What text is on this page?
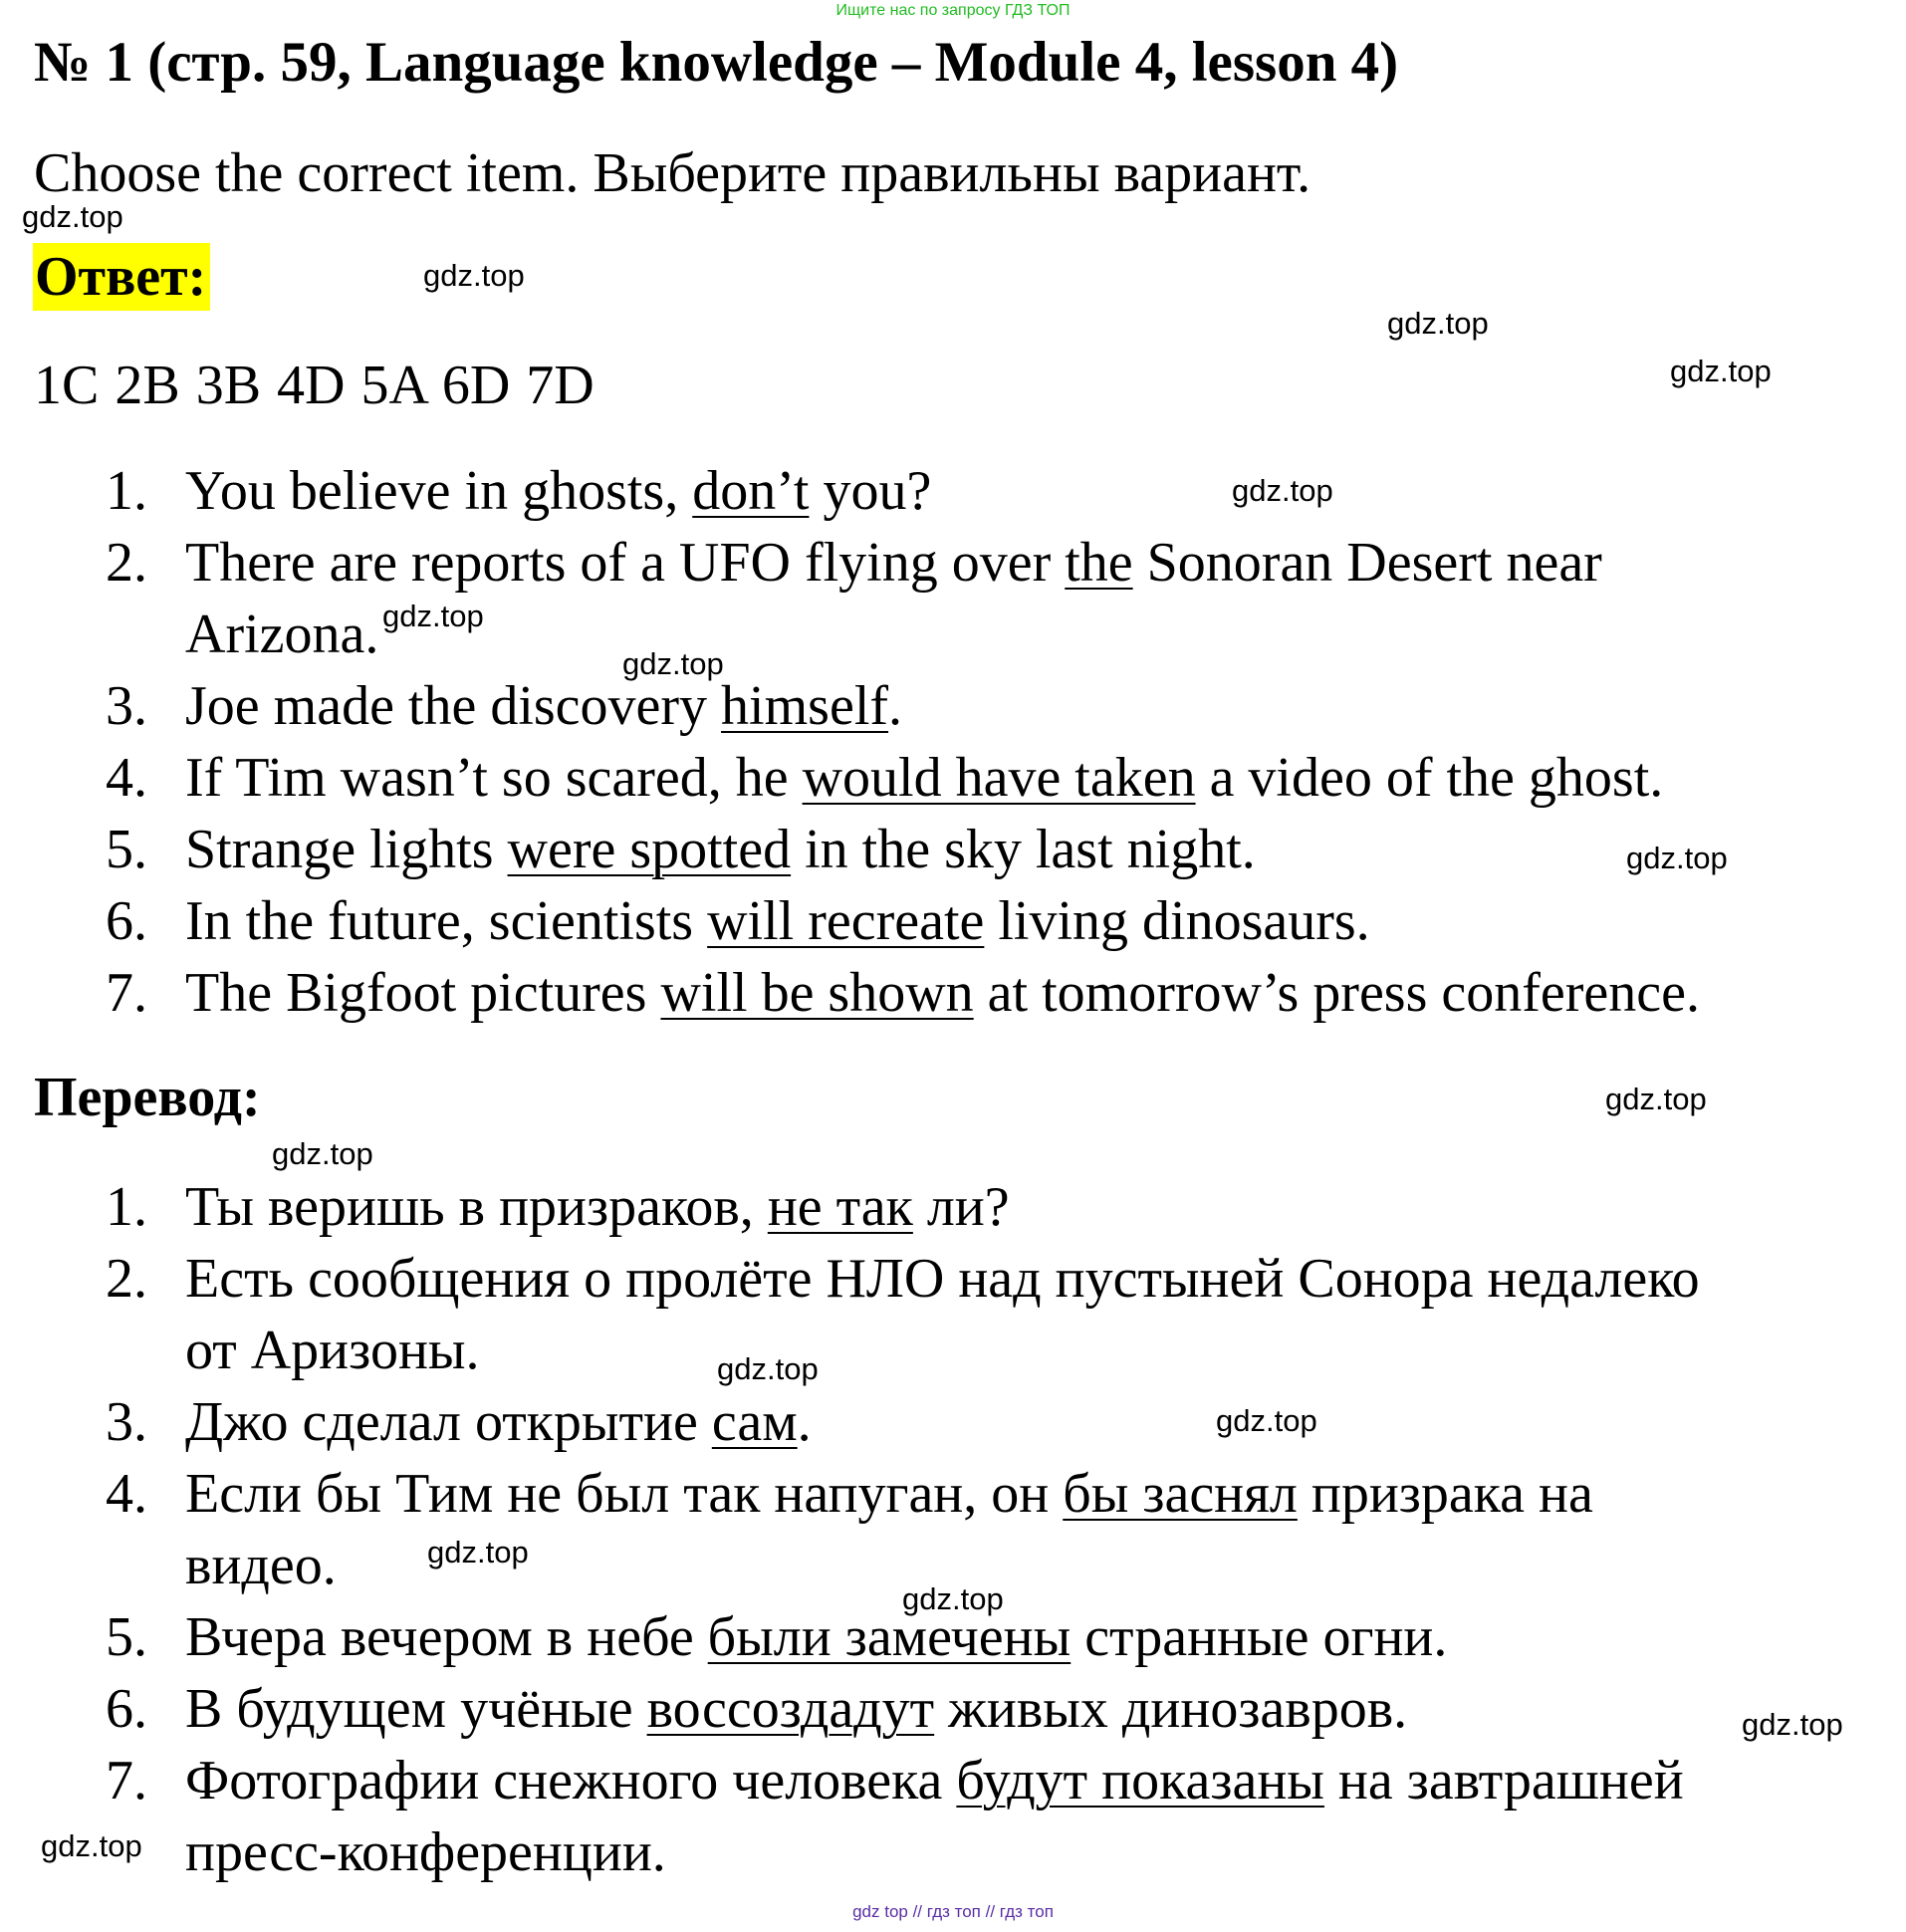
Ищите нас по запросу ГДЗ ТОП
№ 1 (стр. 59, Language knowledge – Module 4, lesson 4)
Choose the correct item. Выберите правильны вариант.
Ответ:
1C 2B 3B 4D 5A 6D 7D
1. You believe in ghosts, don’t you?
2. There are reports of a UFO flying over the Sonoran Desert near
Arizona.
3. Joe made the discovery himself.
4. If Tim wasn’t so scared, he would have taken a video of the ghost.
5. Strange lights were spotted in the sky last night.
6. In the future, scientists will recreate living dinosaurs.
7. The Bigfoot pictures will be shown at tomorrow’s press conference.
Перевод:
1. Ты веришь в призраков, не так ли?
2. Есть сообщения о пролёте НЛО над пустыней Сонора недалеко
от Аризоны.
3. Джо сделал открытие сам.
4. Если бы Тим не был так напуган, он бы заснял призрака на
видео.
5. Вчера вечером в небе были замечены странные огни.
6. В будущем учёные воссоздадут живых динозавров.
7. Фотографии снежного человека будут показаны на завтрашней
пресс-конференции.
gdz.top
gdz.top
gdz.top
gdz.top
gdz.top
gdz.top
gdz.top
gdz.top
gdz.top
gdz.top
gdz.top
gdz.top
gdz.top
gdz.top
gdz.top
gdz.top
gdz top // гдз топ // гдз топ
